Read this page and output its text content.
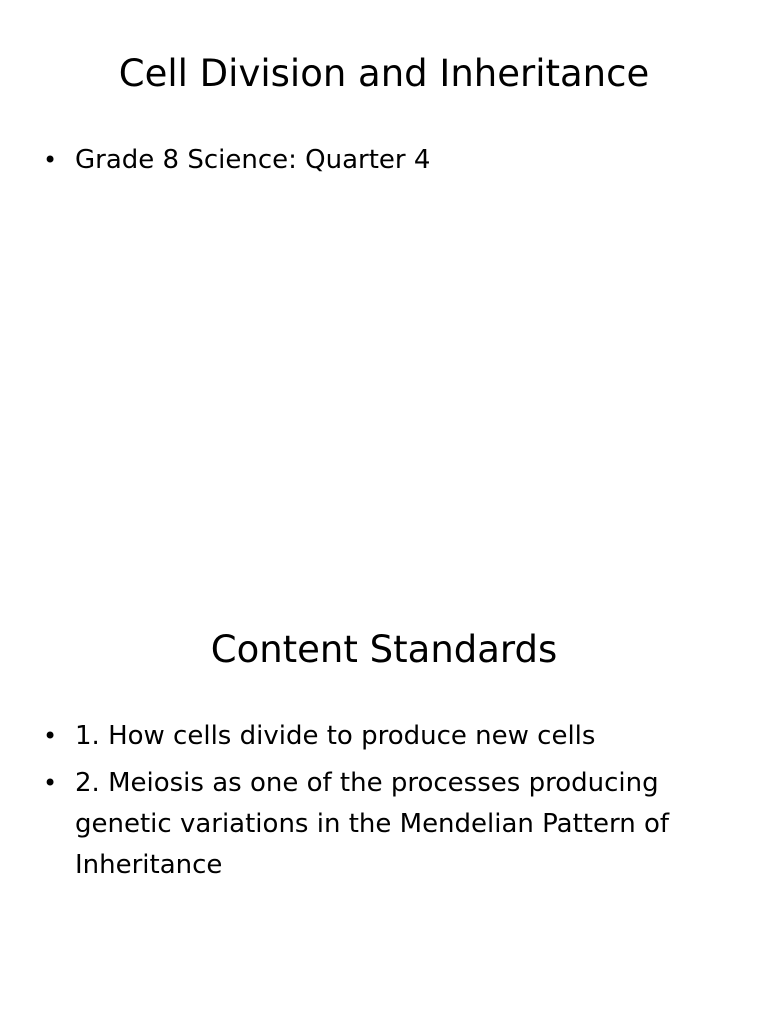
Cell Division and Inheritance
• Grade 8 Science: Quarter 4
Content Standards
• 1. How cells divide to produce new cells
• 2. Meiosis as one of the processes producing genetic variations in the Mendelian Pattern of Inheritance
